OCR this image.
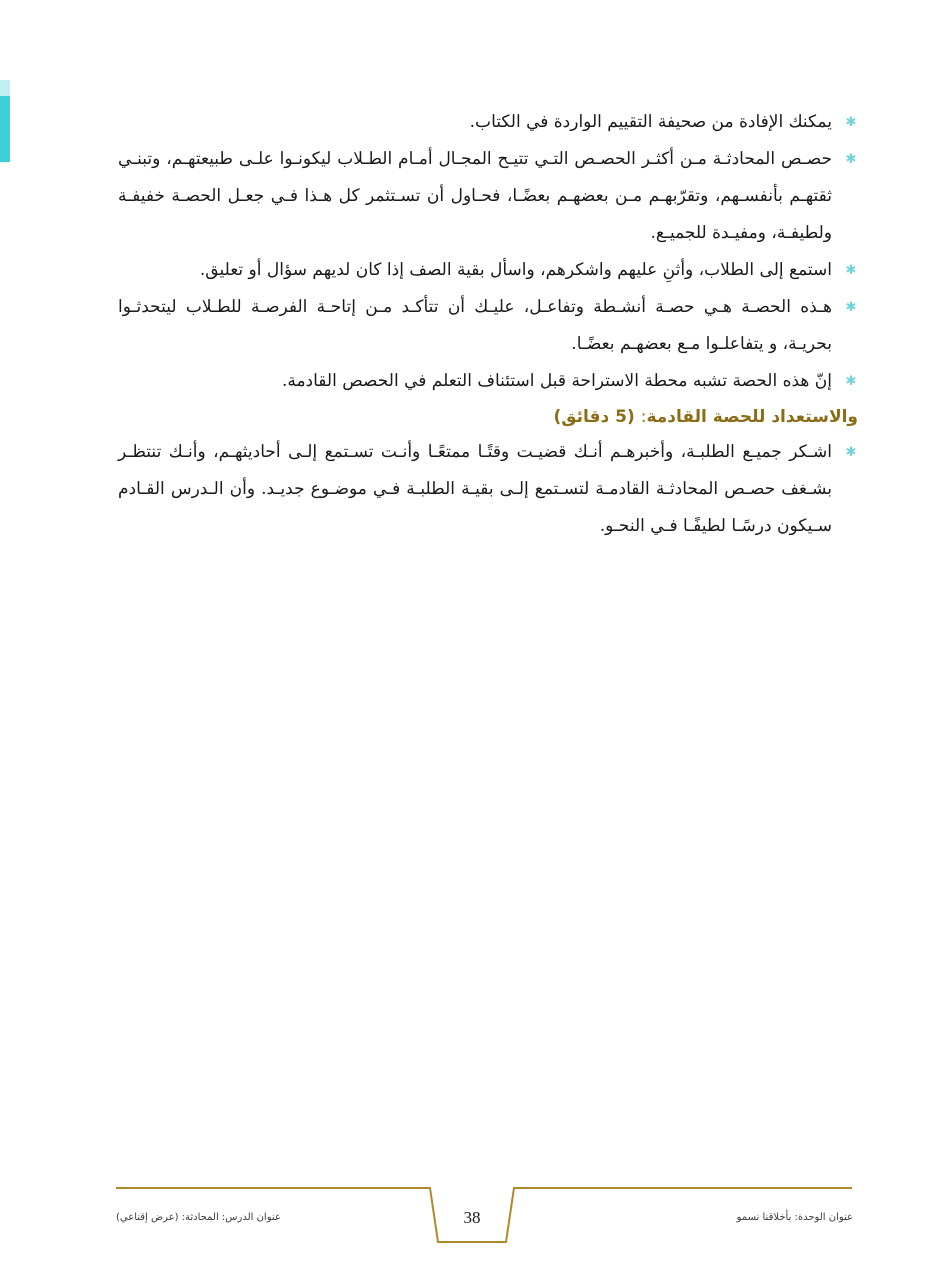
✱
يمكنك الإفادة من صحيفة التقييم الواردة في الكتاب.
✱
حصـص المحادثـة مـن أكثـر الحصـص التـي تتيـح المجـال أمـام الطـلاب ليكونـوا علـى طبيعتهـم، وتبنـي ثقتهـم بأنفسـهم، وتقرّبهـم مـن بعضهـم بعضًـا، فحـاول أن تسـتثمر كل هـذا فـي جعـل الحصـة خفيفـة ولطيفـة، ومفيـدة للجميـع.
✱
استمع إلى الطلاب، وأثنِ عليهم واشكرهم، واسأل بقية الصف إذا كان لديهم سؤال أو تعليق.
✱
هـذه الحصـة هـي حصـة أنشـطة وتفاعـل، عليـك أن تتأكـد مـن إتاحـة الفرصـة للطـلاب ليتحدثـوا بحريـة، و يتفاعلـوا مـع بعضهـم بعضًـا.
✱
إنّ هذه الحصة تشبه محطة الاستراحة قبل استئناف التعلم في الحصص القادمة.
والاستعداد للحصة القادمة: (5 دقائق)
✱
اشـكر جميـع الطلبـة، وأخبرهـم أنـك قضيـت وقتًـا ممتعًـا وأنـت تسـتمع إلـى أحاديثهـم، وأنـك تنتظـر بشـغف حصـص المحادثـة القادمـة لتسـتمع إلـى بقيـة الطلبـة فـي موضـوع جديـد. وأن الـدرس القـادم سـيكون درسًـا لطيفًـا فـي النحـو.
38	عنوان الوحدة: بأخلاقنا نسمو
عنوان الدرس: المحادثة: (عرض إقناعي)
